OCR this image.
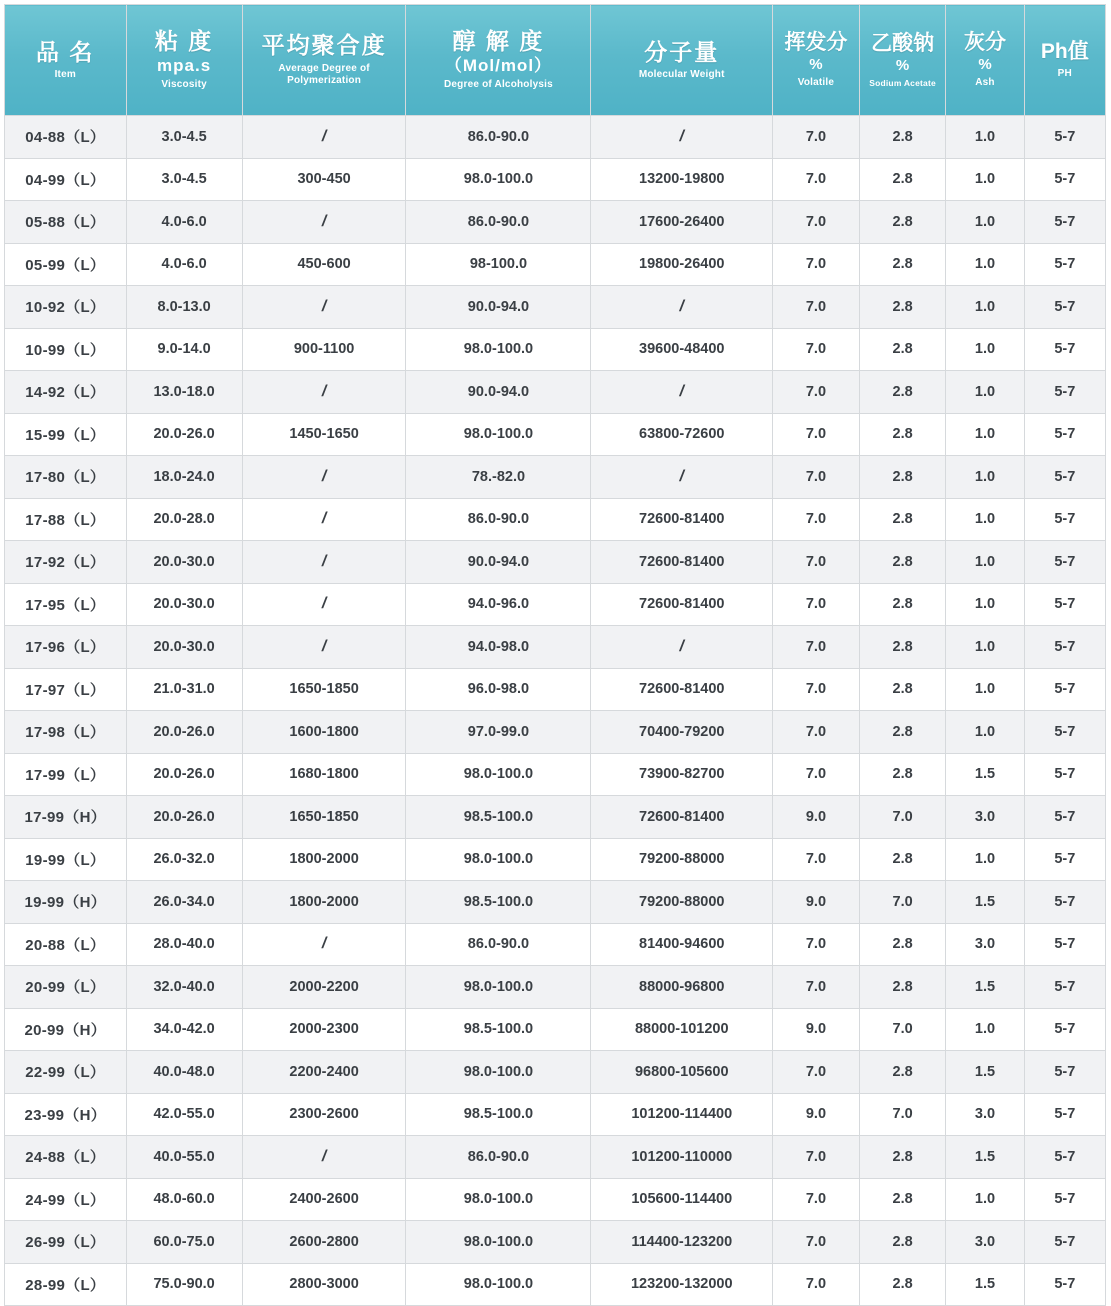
品 名
Item	粘 度
mpa.s
Viscosity	平均聚合度
Average Degree of Polymerization	醇 解 度
（Mol/mol）
Degree of Alcoholysis	分子量
Molecular Weight	挥发分
%
Volatile	乙酸钠
%
Sodium Acetate	灰分
%
Ash	Ph值
PH

04-88（L）	3.0-4.5	/	86.0-90.0	/	7.0	2.8	1.0	5-7
04-99（L）	3.0-4.5	300-450	98.0-100.0	13200-19800	7.0	2.8	1.0	5-7
05-88（L）	4.0-6.0	/	86.0-90.0	17600-26400	7.0	2.8	1.0	5-7
05-99（L）	4.0-6.0	450-600	98-100.0	19800-26400	7.0	2.8	1.0	5-7
10-92（L）	8.0-13.0	/	90.0-94.0	/	7.0	2.8	1.0	5-7
10-99（L）	9.0-14.0	900-1100	98.0-100.0	39600-48400	7.0	2.8	1.0	5-7
14-92（L）	13.0-18.0	/	90.0-94.0	/	7.0	2.8	1.0	5-7
15-99（L）	20.0-26.0	1450-1650	98.0-100.0	63800-72600	7.0	2.8	1.0	5-7
17-80（L）	18.0-24.0	/	78.-82.0	/	7.0	2.8	1.0	5-7
17-88（L）	20.0-28.0	/	86.0-90.0	72600-81400	7.0	2.8	1.0	5-7
17-92（L）	20.0-30.0	/	90.0-94.0	72600-81400	7.0	2.8	1.0	5-7
17-95（L）	20.0-30.0	/	94.0-96.0	72600-81400	7.0	2.8	1.0	5-7
17-96（L）	20.0-30.0	/	94.0-98.0	/	7.0	2.8	1.0	5-7
17-97（L）	21.0-31.0	1650-1850	96.0-98.0	72600-81400	7.0	2.8	1.0	5-7
17-98（L）	20.0-26.0	1600-1800	97.0-99.0	70400-79200	7.0	2.8	1.0	5-7
17-99（L）	20.0-26.0	1680-1800	98.0-100.0	73900-82700	7.0	2.8	1.5	5-7
17-99（H）	20.0-26.0	1650-1850	98.5-100.0	72600-81400	9.0	7.0	3.0	5-7
19-99（L）	26.0-32.0	1800-2000	98.0-100.0	79200-88000	7.0	2.8	1.0	5-7
19-99（H）	26.0-34.0	1800-2000	98.5-100.0	79200-88000	9.0	7.0	1.5	5-7
20-88（L）	28.0-40.0	/	86.0-90.0	81400-94600	7.0	2.8	3.0	5-7
20-99（L）	32.0-40.0	2000-2200	98.0-100.0	88000-96800	7.0	2.8	1.5	5-7
20-99（H）	34.0-42.0	2000-2300	98.5-100.0	88000-101200	9.0	7.0	1.0	5-7
22-99（L）	40.0-48.0	2200-2400	98.0-100.0	96800-105600	7.0	2.8	1.5	5-7
23-99（H）	42.0-55.0	2300-2600	98.5-100.0	101200-114400	9.0	7.0	3.0	5-7
24-88（L）	40.0-55.0	/	86.0-90.0	101200-110000	7.0	2.8	1.5	5-7
24-99（L）	48.0-60.0	2400-2600	98.0-100.0	105600-114400	7.0	2.8	1.0	5-7
26-99（L）	60.0-75.0	2600-2800	98.0-100.0	114400-123200	7.0	2.8	3.0	5-7
28-99（L）	75.0-90.0	2800-3000	98.0-100.0	123200-132000	7.0	2.8	1.5	5-7
